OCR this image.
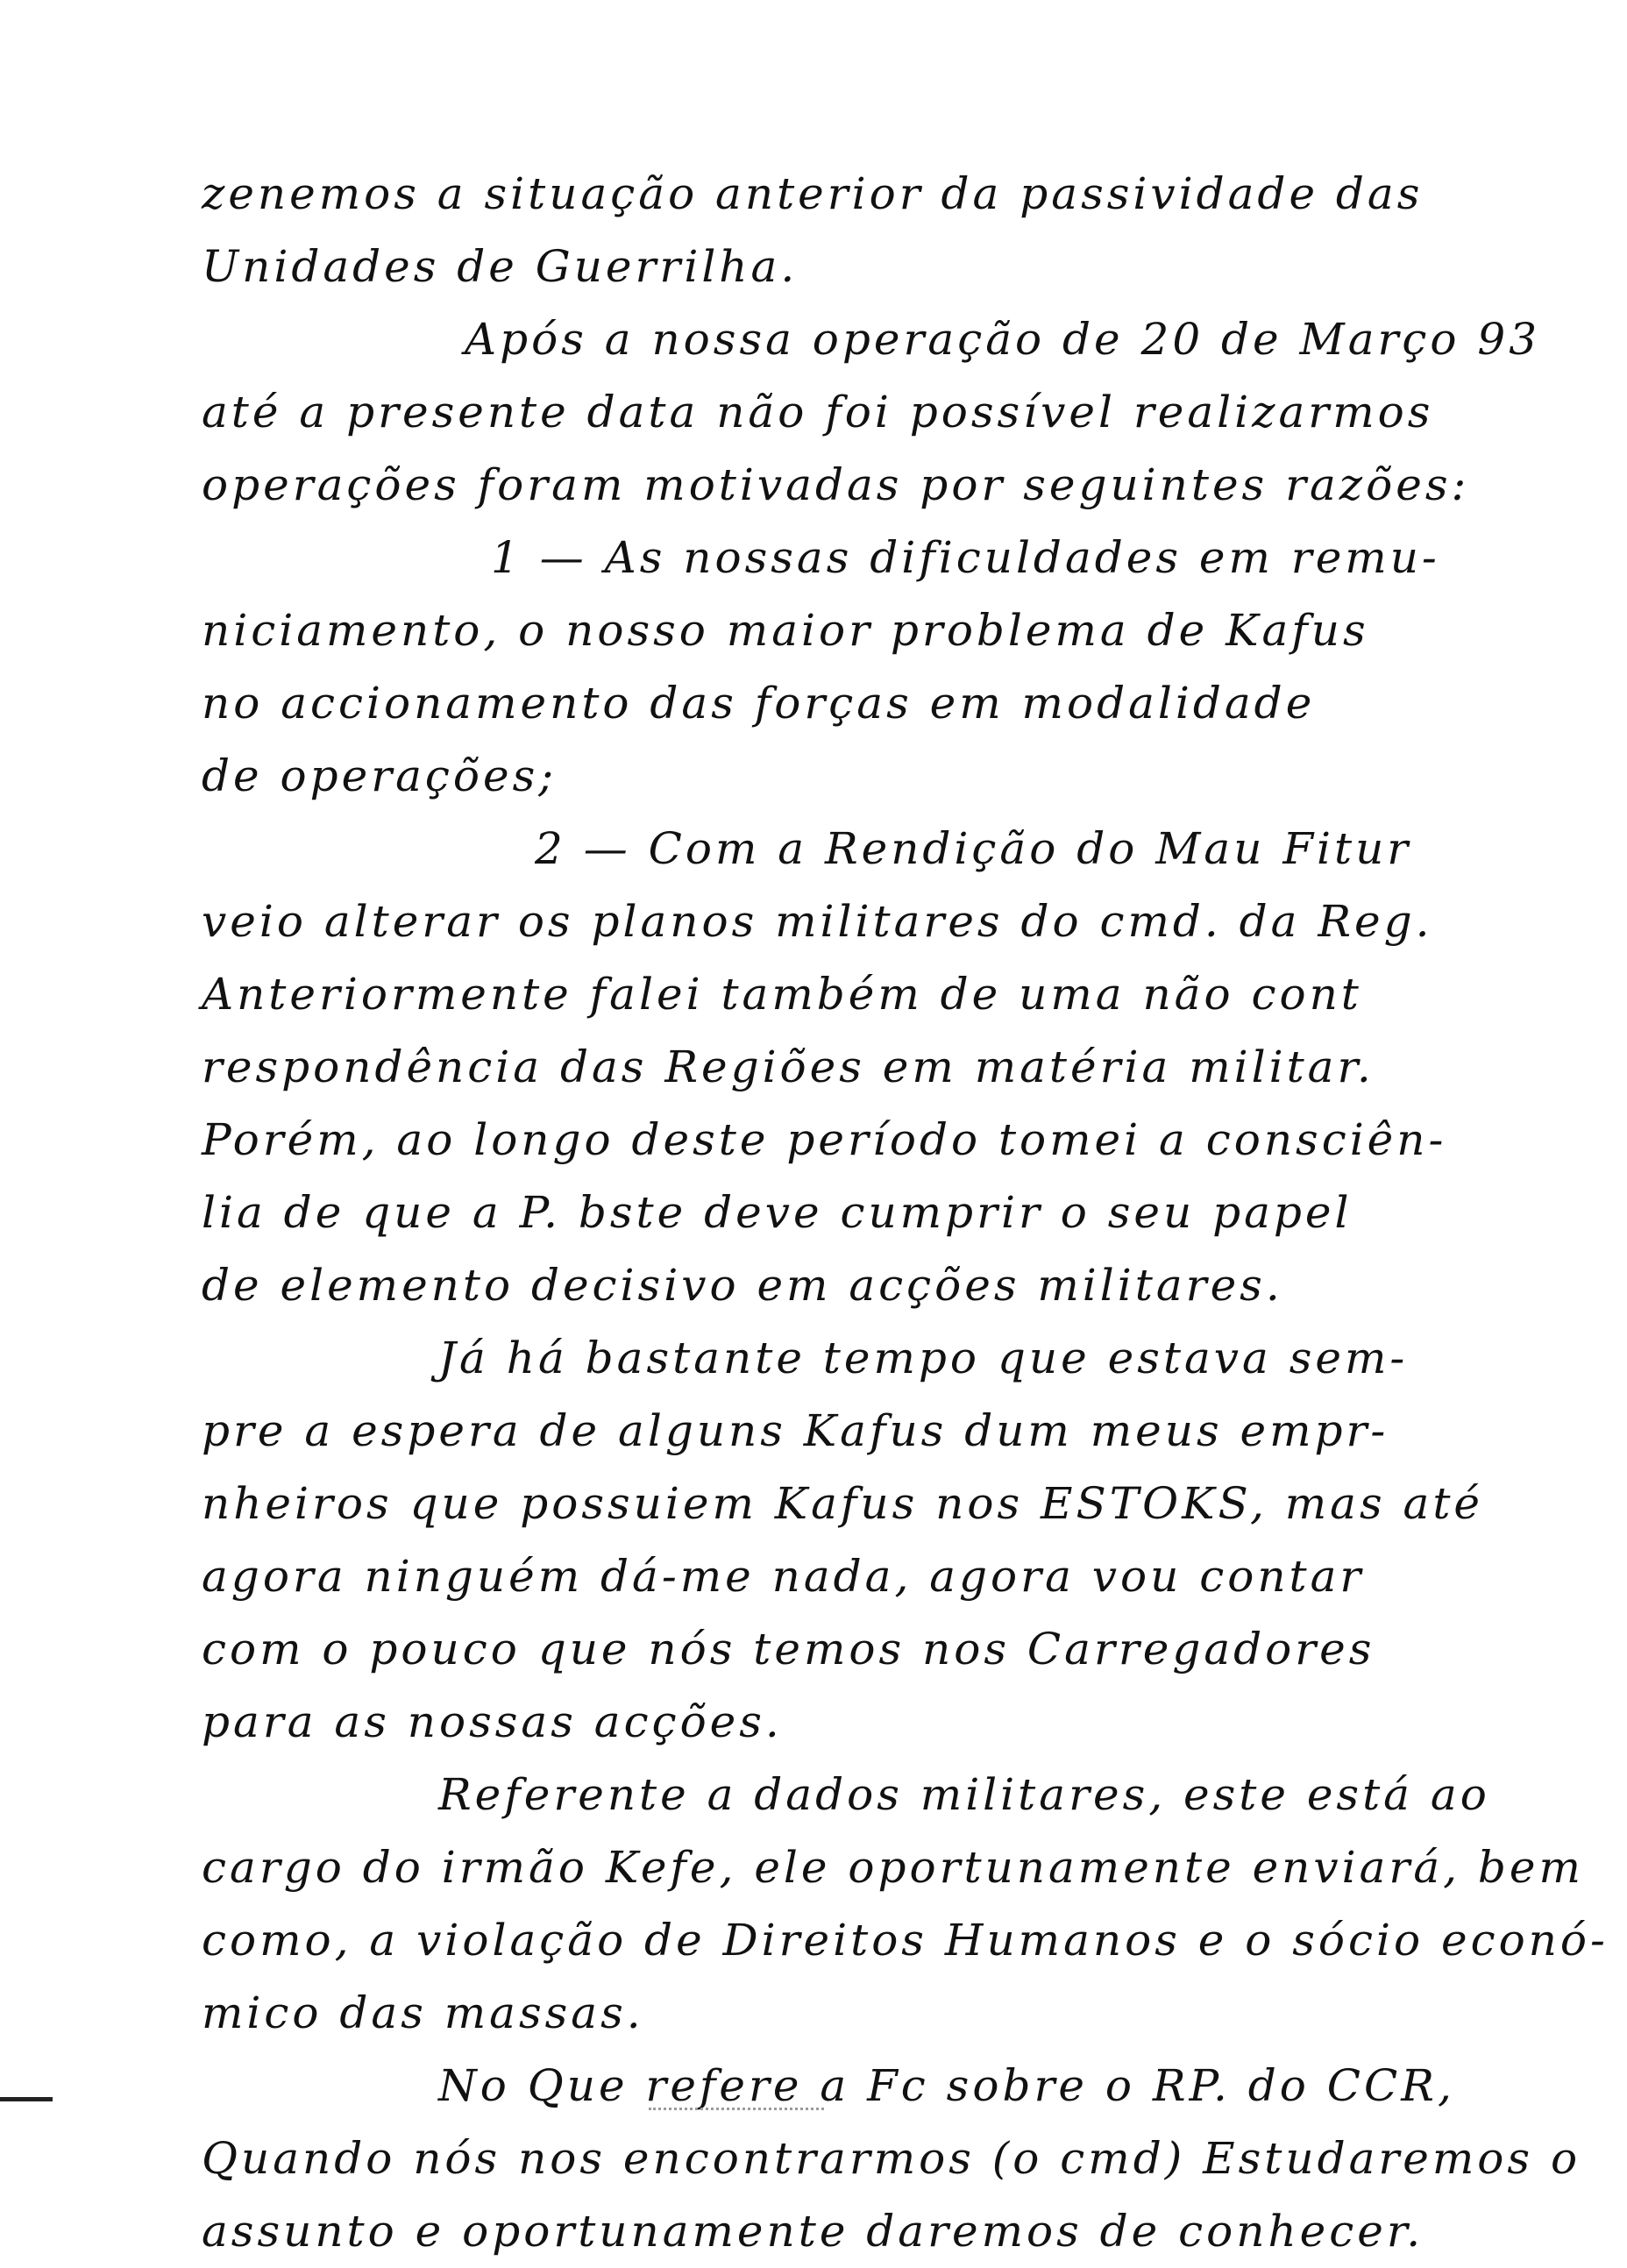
zenemos a situação anterior da passividade das
Unidades de Guerrilha.
Após a nossa operação de 20 de Março 93
até a presente data não foi possível realizarmos
operações foram motivadas por seguintes razões:
1 — As nossas dificuldades em remu-
niciamento, o nosso maior problema de Kafus
no accionamento das forças em modalidade
de operações;
2 — Com a Rendição do Mau Fitur
veio alterar os planos militares do cmd. da Reg.
Anteriormente falei também de uma não cont
respondência das Regiões em matéria militar.
Porém, ao longo deste período tomei a consciên-
lia de que a P. bste deve cumprir o seu papel
de elemento decisivo em acções militares.
Já há bastante tempo que estava sem-
pre a espera de alguns Kafus dum meus empr-
nheiros que possuiem Kafus nos ESTOKS, mas até
agora ninguém dá-me nada, agora vou contar
com o pouco que nós temos nos Carregadores
para as nossas acções.
Referente a dados militares, este está ao
cargo do irmão Kefe, ele oportunamente enviará, bem
como, a violação de Direitos Humanos e o sócio econó-
mico das massas.
No Que refere a Fc sobre o RP. do CCR,
Quando nós nos encontrarmos (o cmd) Estudaremos o
assunto e oportunamente daremos de conhecer.
